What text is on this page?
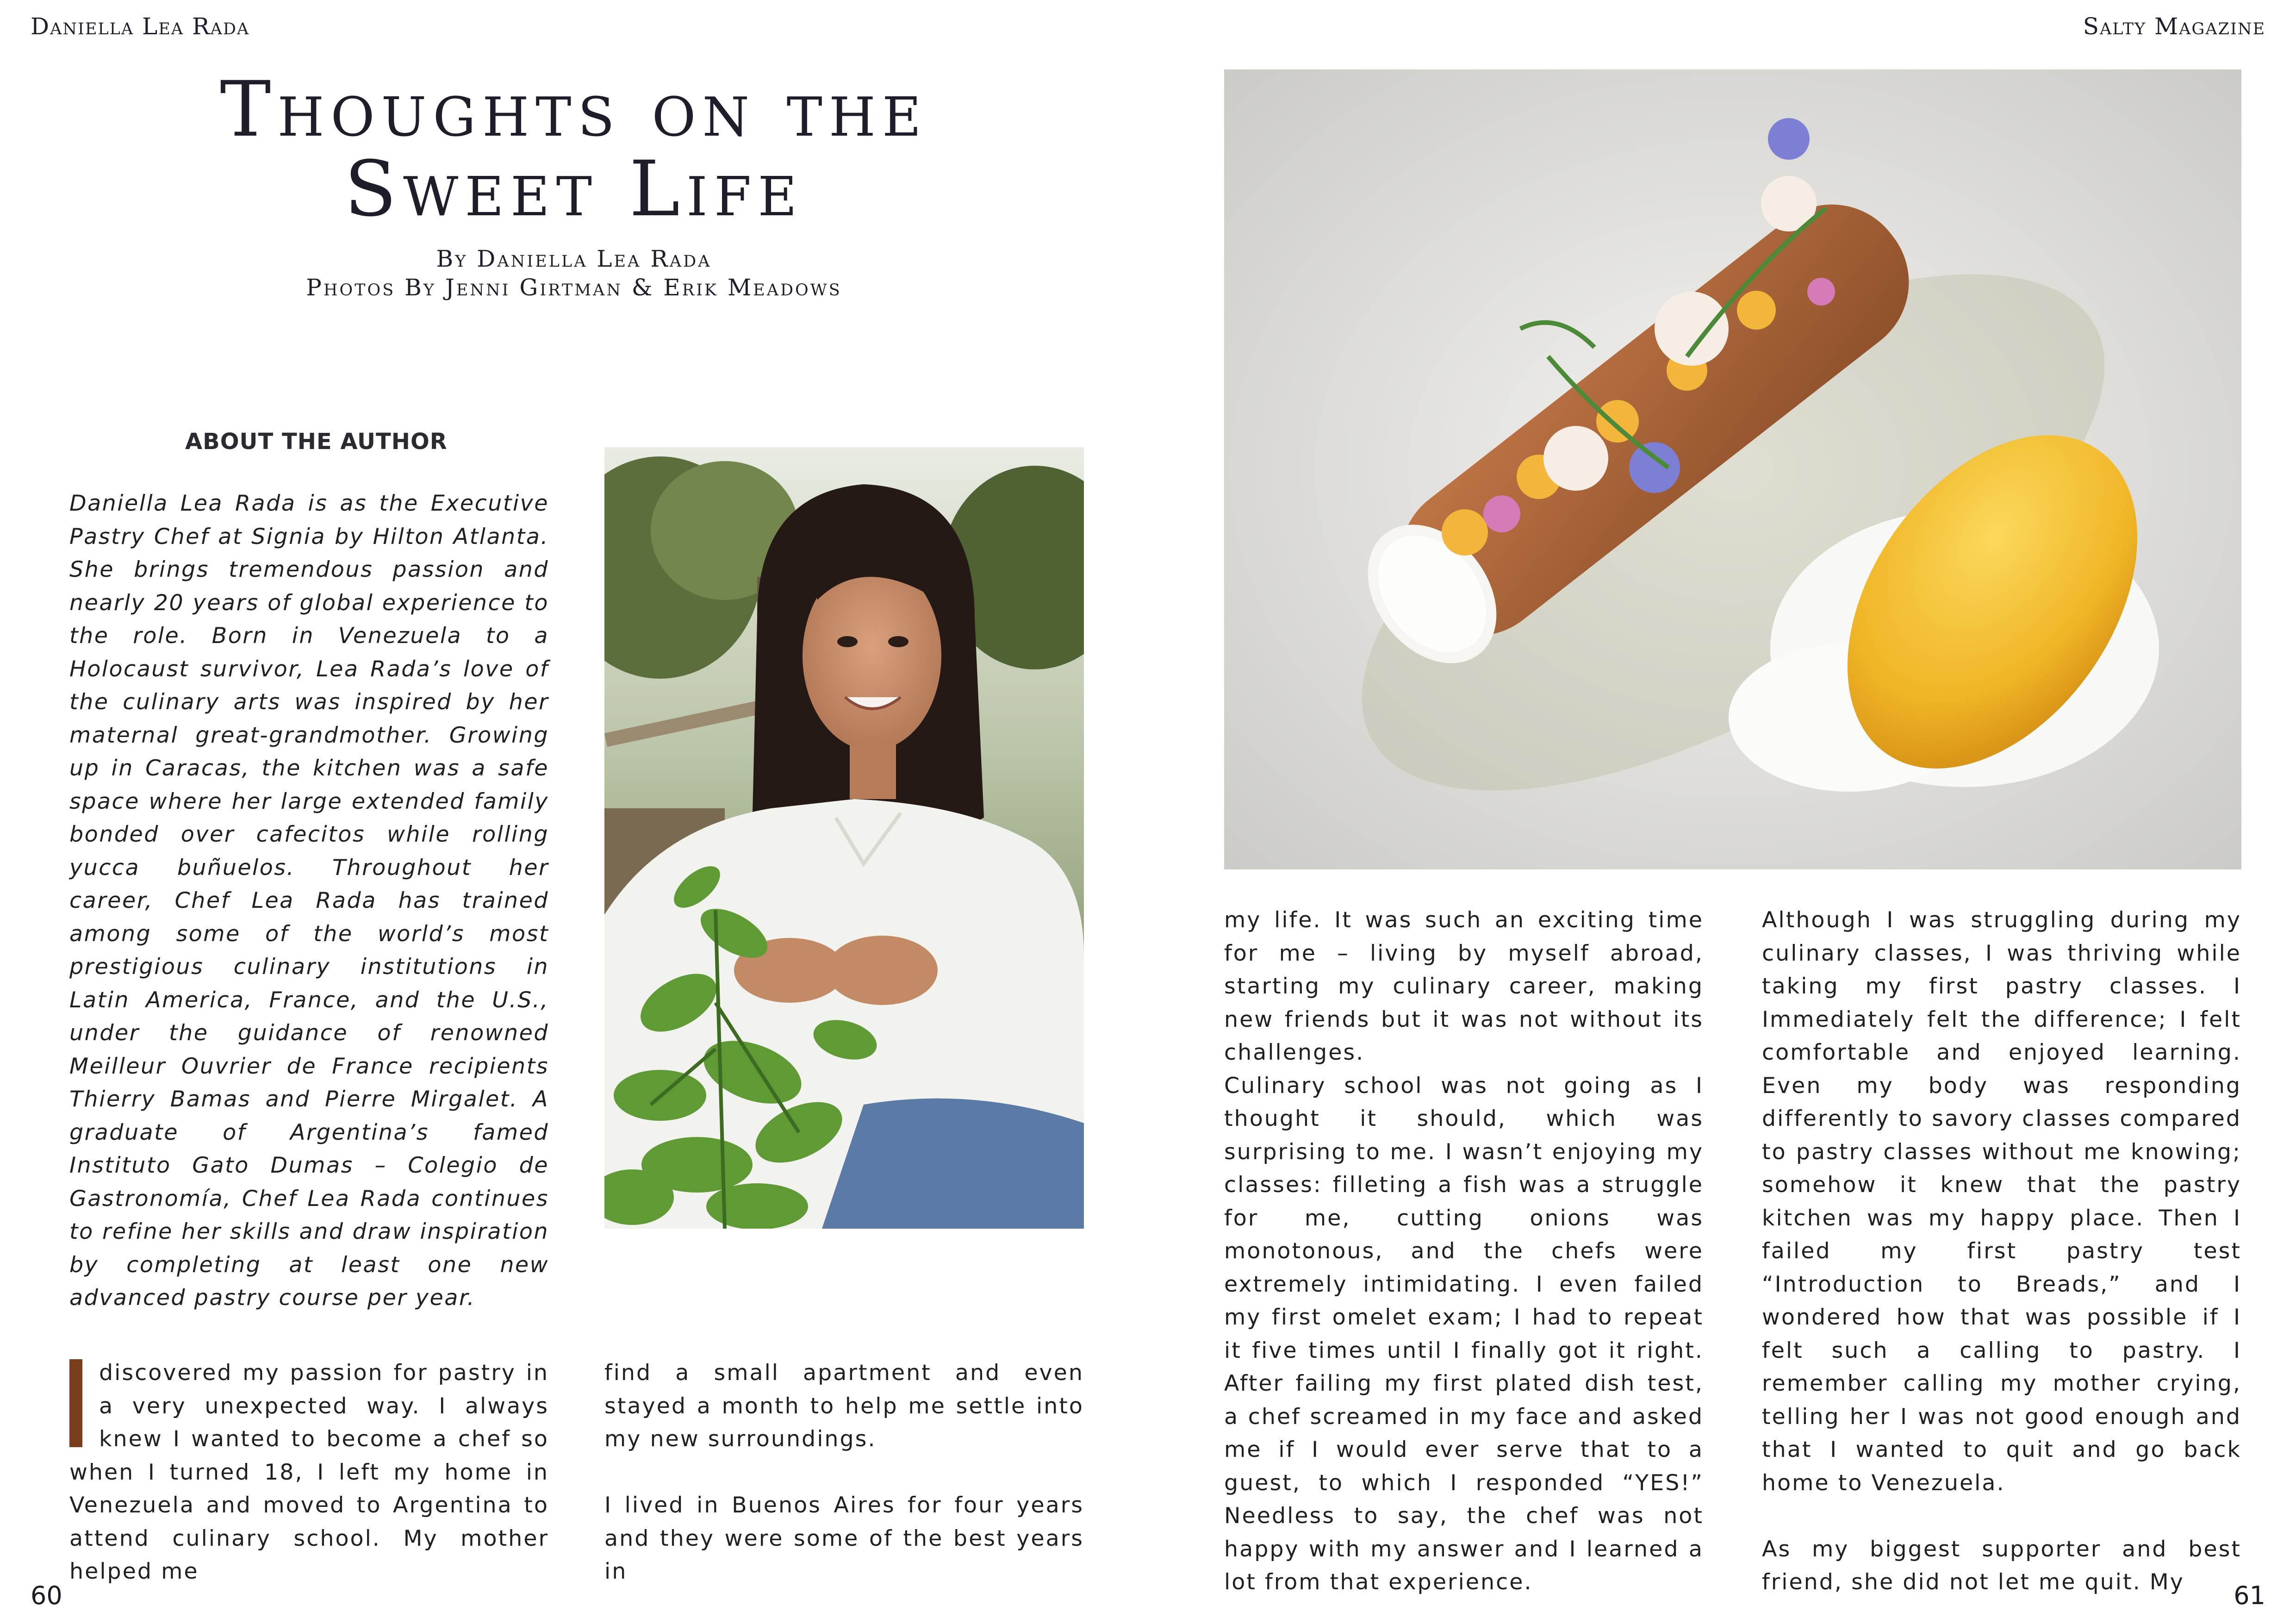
Daniella Lea Rada	Salty Magazine
Thoughts on the
Sweet Life
By Daniella Lea Rada
Photos By Jenni Girtman & Erik Meadows
ABOUT THE AUTHOR
Daniella Lea Rada is as the Executive Pastry Chef at Signia by Hilton Atlanta. She brings tremendous passion and nearly 20 years of global experience to the role. Born in Venezuela to a Holocaust survivor, Lea Rada’s love of the culinary arts was inspired by her maternal great-grandmother. Growing up in Caracas, the kitchen was a safe space where her large extended family bonded over cafecitos while rolling yucca buñuelos. Throughout her career, Chef Lea Rada has trained among some of the world’s most prestigious culinary institutions in Latin America, France, and the U.S., under the guidance of renowned Meilleur Ouvrier de France recipients Thierry Bamas and Pierre Mirgalet. A graduate of Argentina’s famed Instituto Gato Dumas – Colegio de Gastronomía, Chef Lea Rada continues to refine her skills and draw inspiration by completing at least one new advanced pastry course per year.
discovered my passion for pastry in a very unexpected way. I always knew I wanted to become a chef so when I turned 18, I left my home in Venezuela and moved to Argentina to attend culinary school. My mother helped me
find a small apartment and even stayed a month to help me settle into my new surroundings.
I lived in Buenos Aires for four years and they were some of the best years in
my life. It was such an exciting time for me – living by myself abroad, starting my culinary career, making new friends but it was not without its challenges.
Culinary school was not going as I thought it should, which was surprising to me. I wasn’t enjoying my classes: filleting a fish was a struggle for me, cutting onions was monotonous, and the chefs were extremely intimidating. I even failed my first omelet exam; I had to repeat it five times until I finally got it right. After failing my first plated dish test, a chef screamed in my face and asked me if I would ever serve that to a guest, to which I responded “YES!” Needless to say, the chef was not happy with my answer and I learned a lot from that experience.
Although I was struggling during my culinary classes, I was thriving while taking my first pastry classes. I Immediately felt the difference; I felt comfortable and enjoyed learning. Even my body was responding differently to savory classes compared to pastry classes without me knowing; somehow it knew that the pastry kitchen was my happy place. Then I failed my first pastry test “Introduction to Breads,” and I wondered how that was possible if I felt such a calling to pastry. I remember calling my mother crying, telling her I was not good enough and that I wanted to quit and go back home to Venezuela.
As my biggest supporter and best friend, she did not let me quit. My
60	61
